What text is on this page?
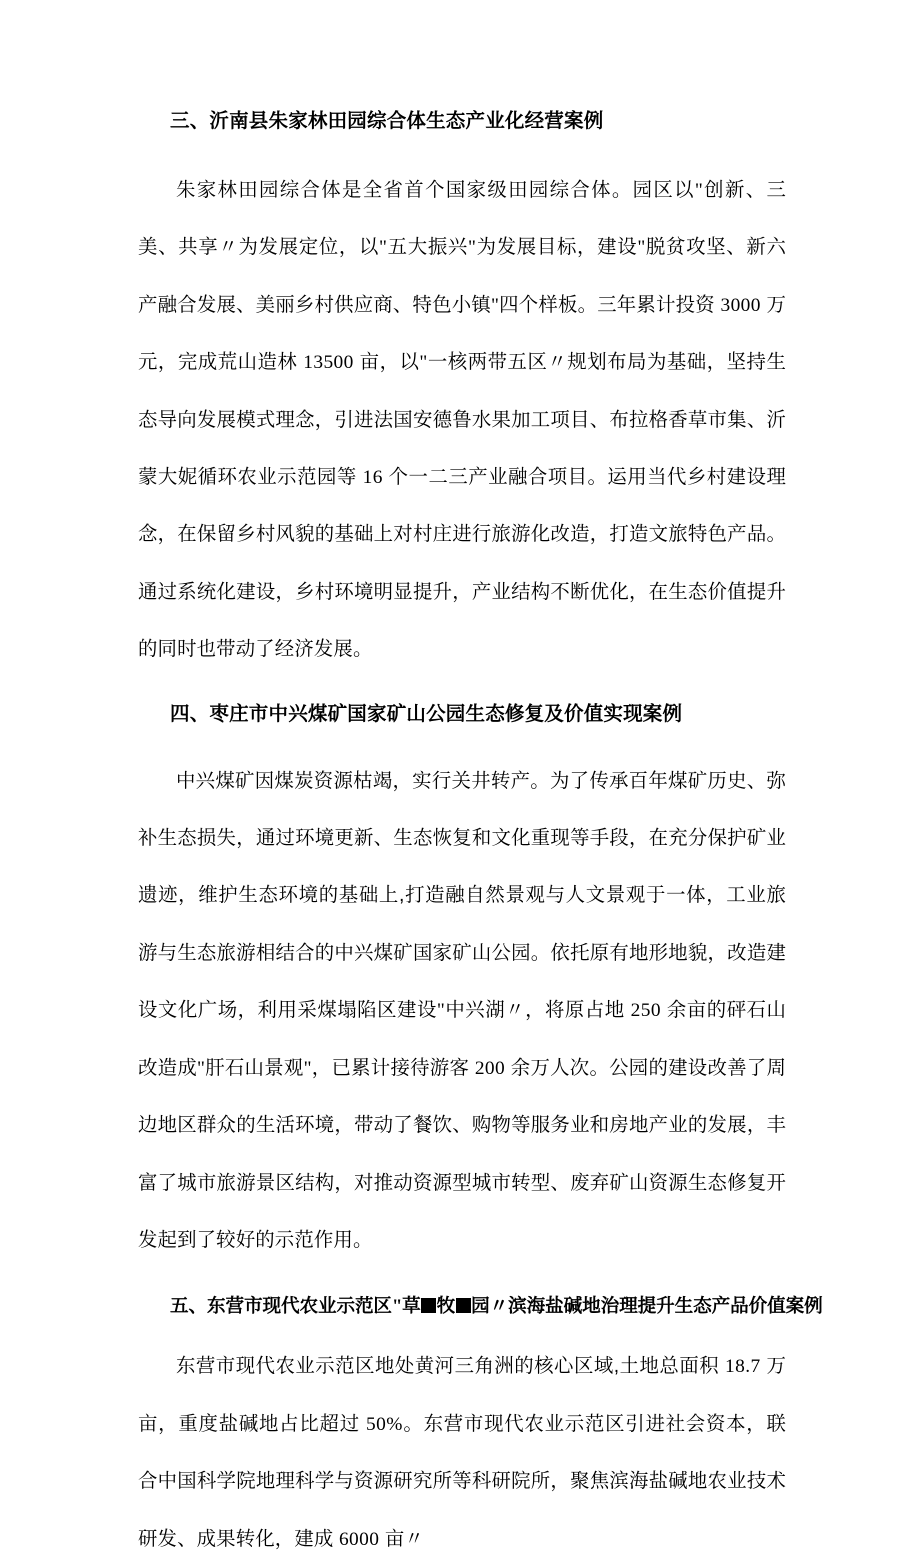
三、沂南县朱家林田园综合体生态产业化经营案例

朱家林田园综合体是全省首个国家级田园综合体。园区以"创新、三美、共享〃为发展定位，以"五大振兴"为发展目标，建设"脱贫攻坚、新六产融合发展、美丽乡村供应商、特色小镇"四个样板。三年累计投资 3000 万元，完成荒山造林 13500 亩，以"一核两带五区〃规划布局为基础，坚持生态导向发展模式理念，引进法国安德鲁水果加工项目、布拉格香草市集、沂蒙大妮循环农业示范园等 16 个一二三产业融合项目。运用当代乡村建设理念，在保留乡村风貌的基础上对村庄进行旅游化改造，打造文旅特色产品。通过系统化建设，乡村环境明显提升，产业结构不断优化，在生态价值提升的同时也带动了经济发展。

四、枣庄市中兴煤矿国家矿山公园生态修复及价值实现案例

中兴煤矿因煤炭资源枯竭，实行关井转产。为了传承百年煤矿历史、弥补生态损失，通过环境更新、生态恢复和文化重现等手段，在充分保护矿业遗迹，维护生态环境的基础上,打造融自然景观与人文景观于一体，工业旅游与生态旅游相结合的中兴煤矿国家矿山公园。依托原有地形地貌，改造建设文化广场，利用采煤塌陷区建设"中兴湖〃，将原占地 250 余亩的砰石山改造成"肝石山景观"，已累计接待游客 200 余万人次。公园的建设改善了周边地区群众的生活环境，带动了餐饮、购物等服务业和房地产业的发展，丰富了城市旅游景区结构，对推动资源型城市转型、废弃矿山资源生态修复开发起到了较好的示范作用。

五、东营市现代农业示范区"草 牧 园〃滨海盐碱地治理提升生态产品价值案例

东营市现代农业示范区地处黄河三角洲的核心区域,土地总面积 18.7 万亩，重度盐碱地占比超过 50%。东营市现代农业示范区引进社会资本，联合中国科学院地理科学与资源研究所等科研院所，聚焦滨海盐碱地农业技术研发、成果转化，建成 6000 亩〃
